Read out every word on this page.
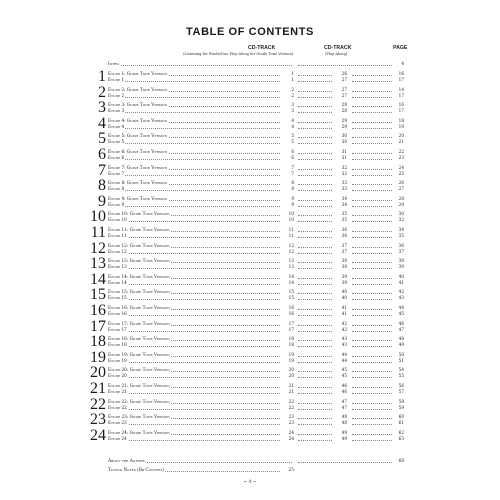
TABLE OF CONTENTS
CD-TRACK
(Listening for Etude/Duo Play-Along for Guide Tone Version)
CD-TRACK
(Play-Along)
PAGE
Intro	4
1 Etude 1: Guide Tone Version	1	26	16
Etude 1	1	27	17
2 Etude 2: Guide Tone Version	2	27	14
Etude 2	2	27	17
3 Etude 3: Guide Tone Version	3	28	16
Etude 3	3	28	17
4 Etude 4: Guide Tone Version	4	29	18
Etude 4	4	29	19
5 Etude 5: Guide Tone Version	5	30	20
Etude 5	5	30	21
6 Etude 6: Guide Tone Version	6	31	22
Etude 6	6	31	23
7 Etude 7: Guide Tone Version	7	32	24
Etude 7	7	32	25
8 Etude 8: Guide Tone Version	8	33	26
Etude 8	8	33	27
9 Etude 9: Guide Tone Version	9	34	28
Etude 9	9	34	29
10 Etude 10: Guide Tone Version	10	35	30
Etude 10	10	35	32
11 Etude 11: Guide Tone Version	11	36	34
Etude 11	11	36	35
12 Etude 12: Guide Tone Version	12	37	36
Etude 12	12	37	37
13 Etude 13: Guide Tone Version	13	38	38
Etude 13	13	38	39
14 Etude 14: Guide Tone Version	14	39	40
Etude 14	14	39	41
15 Etude 15: Guide Tone Version	15	40	42
Etude 15	15	40	43
16 Etude 16: Guide Tone Version	16	41	44
Etude 16	16	41	45
17 Etude 17: Guide Tone Version	17	42	46
Etude 17	17	42	47
18 Etude 18: Guide Tone Version	18	43	48
Etude 18	18	43	49
19 Etude 19: Guide Tone Version	19	44	50
Etude 19	19	44	51
20 Etude 20: Guide Tone Version	20	45	54
Etude 20	20	45	55
21 Etude 21: Guide Tone Version	21	46	56
Etude 21	21	46	57
22 Etude 22: Guide Tone Version	22	47	58
Etude 22	22	47	59
23 Etude 23: Guide Tone Version	23	48	60
Etude 23	23	48	61
24 Etude 24: Guide Tone Version	24	49	62
Etude 24	24	49	63
About the Author	68
Tuning Notes (Bb Concert)	25
~ 4 ~
